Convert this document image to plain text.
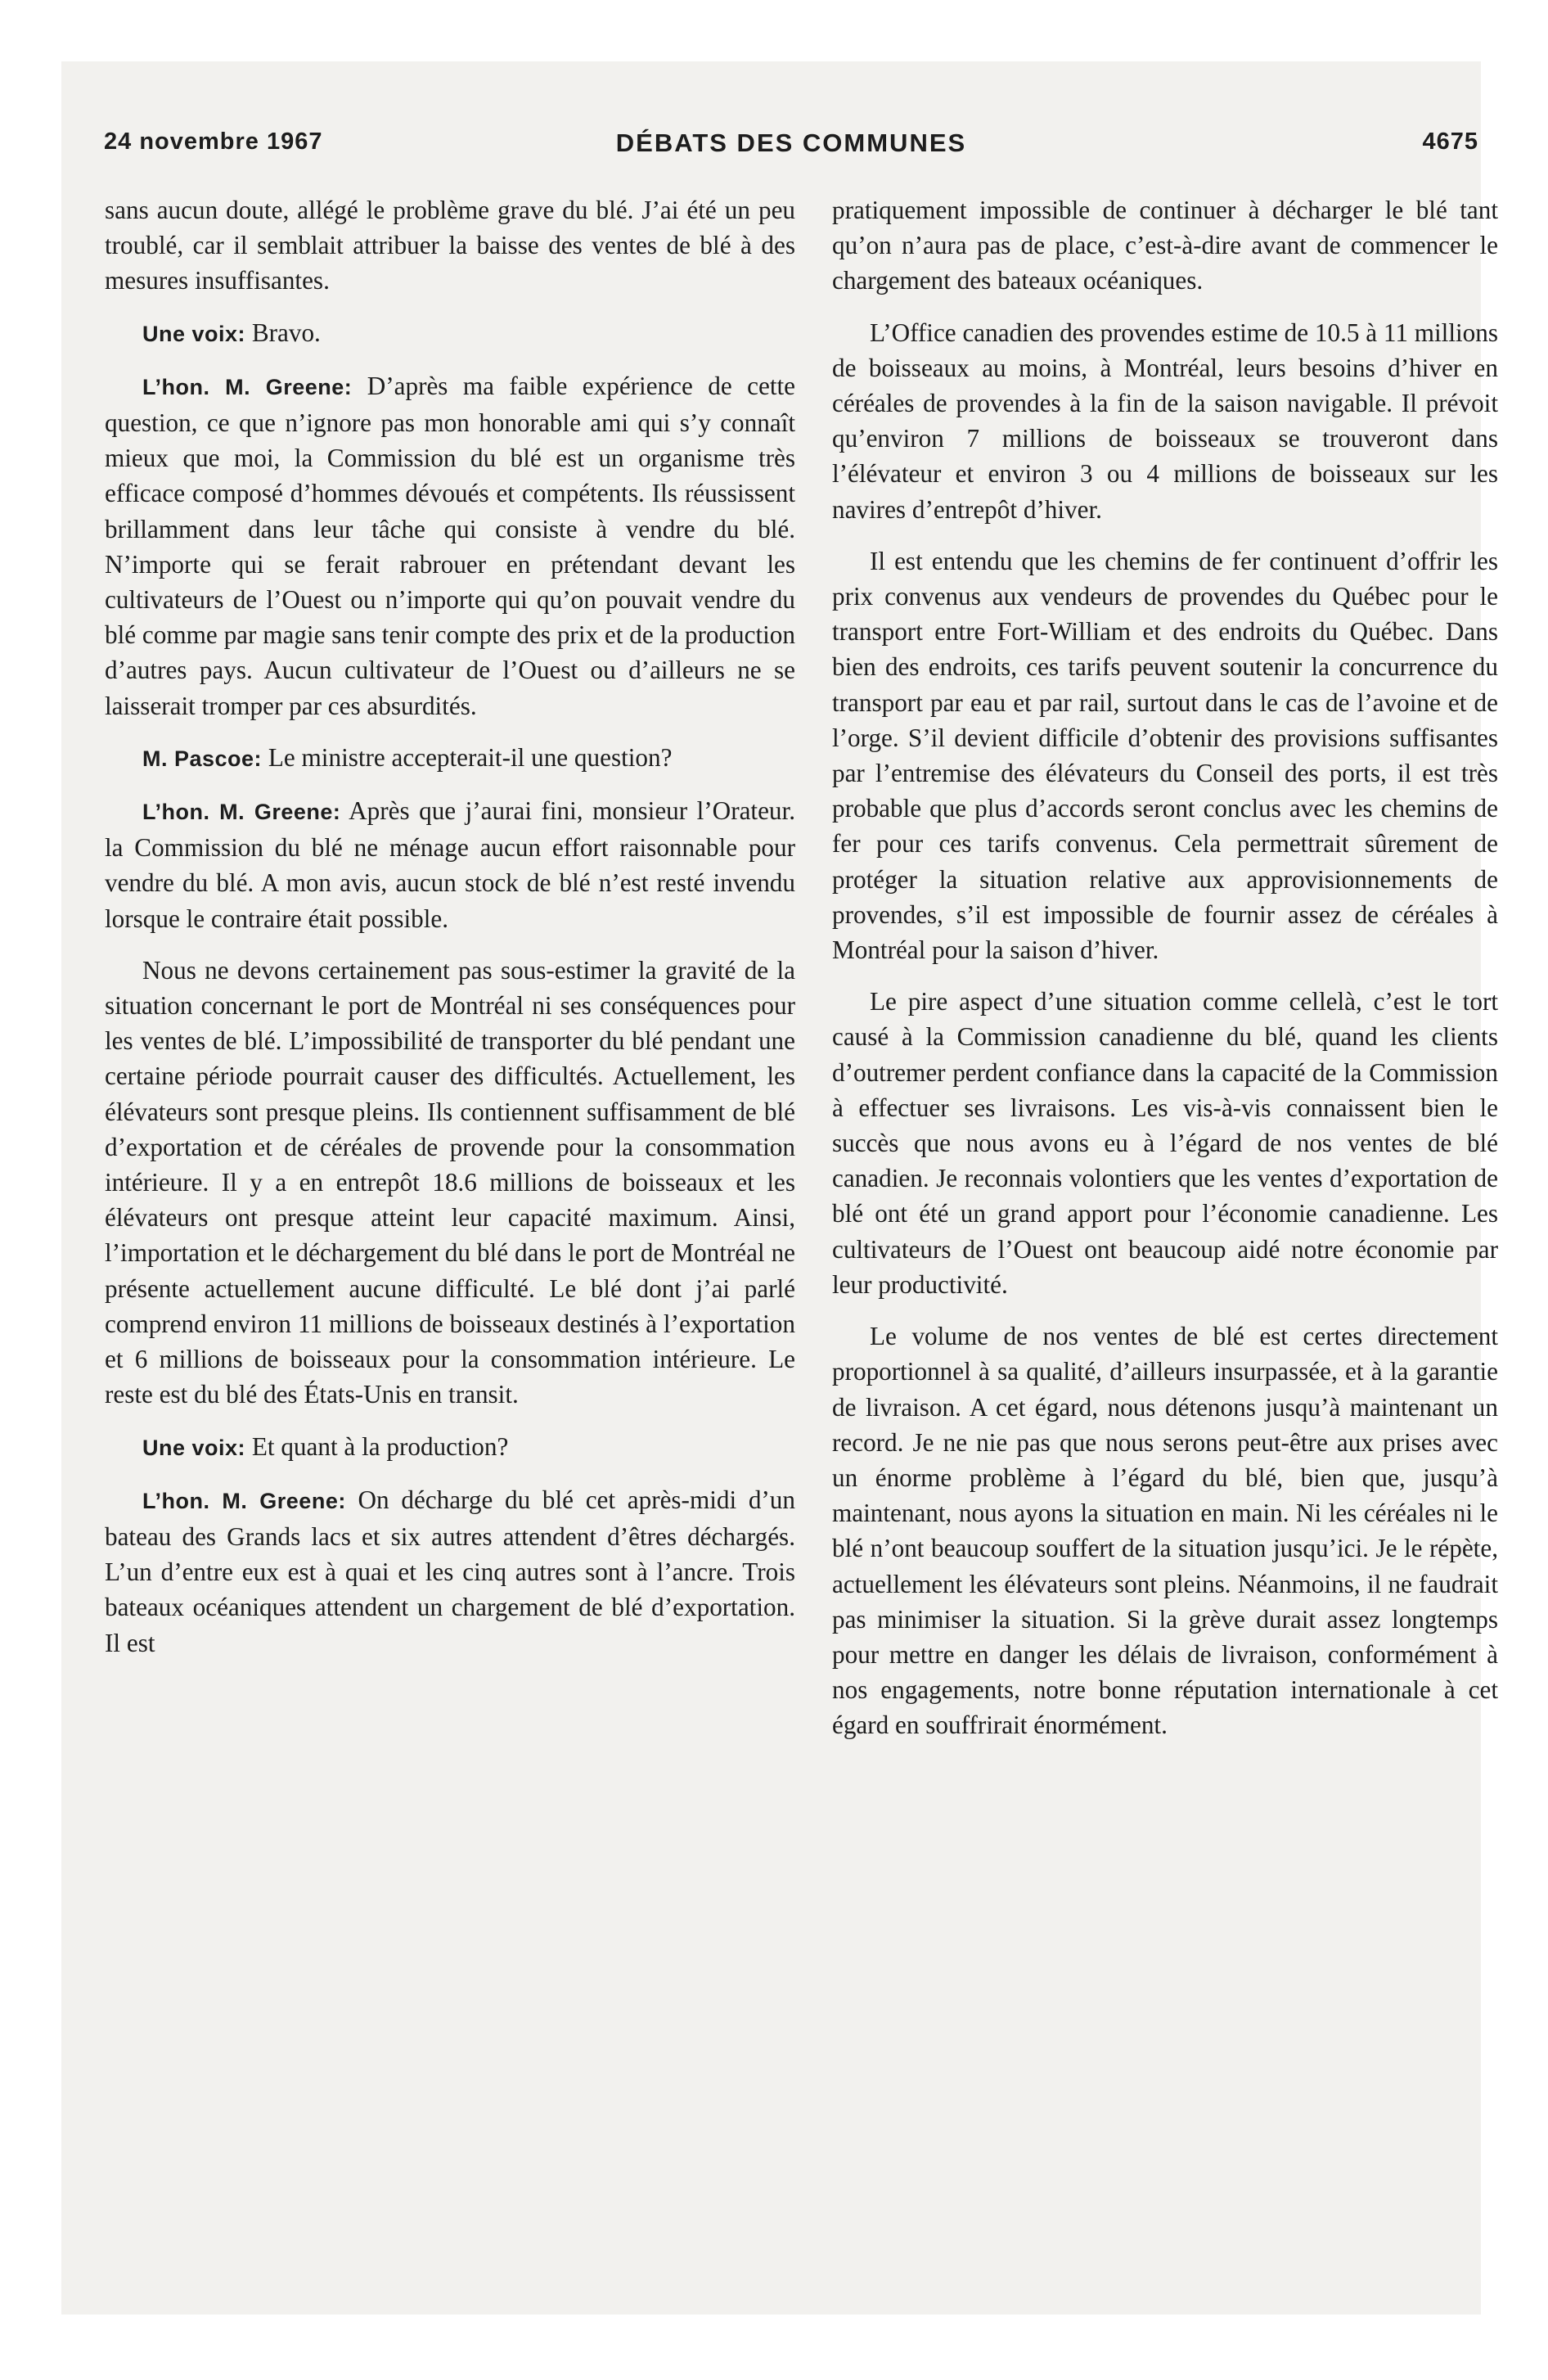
24 novembre 1967	DÉBATS DES COMMUNES	4675

sans aucun doute, allégé le problème grave du blé. J’ai été un peu troublé, car il semblait attribuer la baisse des ventes de blé à des mesures insuffisantes.

Une voix: Bravo.

L’hon. M. Greene: D’après ma faible expérience de cette question, ce que n’ignore pas mon honorable ami qui s’y connaît mieux que moi, la Commission du blé est un organisme très efficace composé d’hommes dévoués et compétents. Ils réussissent brillamment dans leur tâche qui consiste à vendre du blé. N’importe qui se ferait rabrouer en prétendant devant les cultivateurs de l’Ouest ou n’importe qui qu’on pouvait vendre du blé comme par magie sans tenir compte des prix et de la production d’autres pays. Aucun cultivateur de l’Ouest ou d’ailleurs ne se laisserait tromper par ces absurdités.

M. Pascoe: Le ministre accepterait-il une question?

L’hon. M. Greene: Après que j’aurai fini, monsieur l’Orateur. la Commission du blé ne ménage aucun effort raisonnable pour vendre du blé. A mon avis, aucun stock de blé n’est resté invendu lorsque le contraire était possible.

Nous ne devons certainement pas sous-estimer la gravité de la situation concernant le port de Montréal ni ses conséquences pour les ventes de blé. L’impossibilité de transporter du blé pendant une certaine période pourrait causer des difficultés. Actuellement, les élévateurs sont presque pleins. Ils contiennent suffisamment de blé d’exportation et de céréales de provende pour la consommation intérieure. Il y a en entrepôt 18.6 millions de boisseaux et les élévateurs ont presque atteint leur capacité maximum. Ainsi, l’importation et le déchargement du blé dans le port de Montréal ne présente actuellement aucune difficulté. Le blé dont j’ai parlé comprend environ 11 millions de boisseaux destinés à l’exportation et 6 millions de boisseaux pour la consommation intérieure. Le reste est du blé des États-Unis en transit.

Une voix: Et quant à la production?

L’hon. M. Greene: On décharge du blé cet après-midi d’un bateau des Grands lacs et six autres attendent d’êtres déchargés. L’un d’entre eux est à quai et les cinq autres sont à l’ancre. Trois bateaux océaniques attendent un chargement de blé d’exportation. Il est

pratiquement impossible de continuer à décharger le blé tant qu’on n’aura pas de place, c’est-à-dire avant de commencer le chargement des bateaux océaniques.

L’Office canadien des provendes estime de 10.5 à 11 millions de boisseaux au moins, à Montréal, leurs besoins d’hiver en céréales de provendes à la fin de la saison navigable. Il prévoit qu’environ 7 millions de boisseaux se trouveront dans l’élévateur et environ 3 ou 4 millions de boisseaux sur les navires d’entrepôt d’hiver.

Il est entendu que les chemins de fer continuent d’offrir les prix convenus aux vendeurs de provendes du Québec pour le transport entre Fort-William et des endroits du Québec. Dans bien des endroits, ces tarifs peuvent soutenir la concurrence du transport par eau et par rail, surtout dans le cas de l’avoine et de l’orge. S’il devient difficile d’obtenir des provisions suffisantes par l’entremise des élévateurs du Conseil des ports, il est très probable que plus d’accords seront conclus avec les chemins de fer pour ces tarifs convenus. Cela permettrait sûrement de protéger la situation relative aux approvisionnements de provendes, s’il est impossible de fournir assez de céréales à Montréal pour la saison d’hiver.

Le pire aspect d’une situation comme cellelà, c’est le tort causé à la Commission canadienne du blé, quand les clients d’outremer perdent confiance dans la capacité de la Commission à effectuer ses livraisons. Les vis-à-vis connaissent bien le succès que nous avons eu à l’égard de nos ventes de blé canadien. Je reconnais volontiers que les ventes d’exportation de blé ont été un grand apport pour l’économie canadienne. Les cultivateurs de l’Ouest ont beaucoup aidé notre économie par leur productivité.

Le volume de nos ventes de blé est certes directement proportionnel à sa qualité, d’ailleurs insurpassée, et à la garantie de livraison. A cet égard, nous détenons jusqu’à maintenant un record. Je ne nie pas que nous serons peut-être aux prises avec un énorme problème à l’égard du blé, bien que, jusqu’à maintenant, nous ayons la situation en main. Ni les céréales ni le blé n’ont beaucoup souffert de la situation jusqu’ici. Je le répète, actuellement les élévateurs sont pleins. Néanmoins, il ne faudrait pas minimiser la situation. Si la grève durait assez longtemps pour mettre en danger les délais de livraison, conformément à nos engagements, notre bonne réputation internationale à cet égard en souffrirait énormément.
